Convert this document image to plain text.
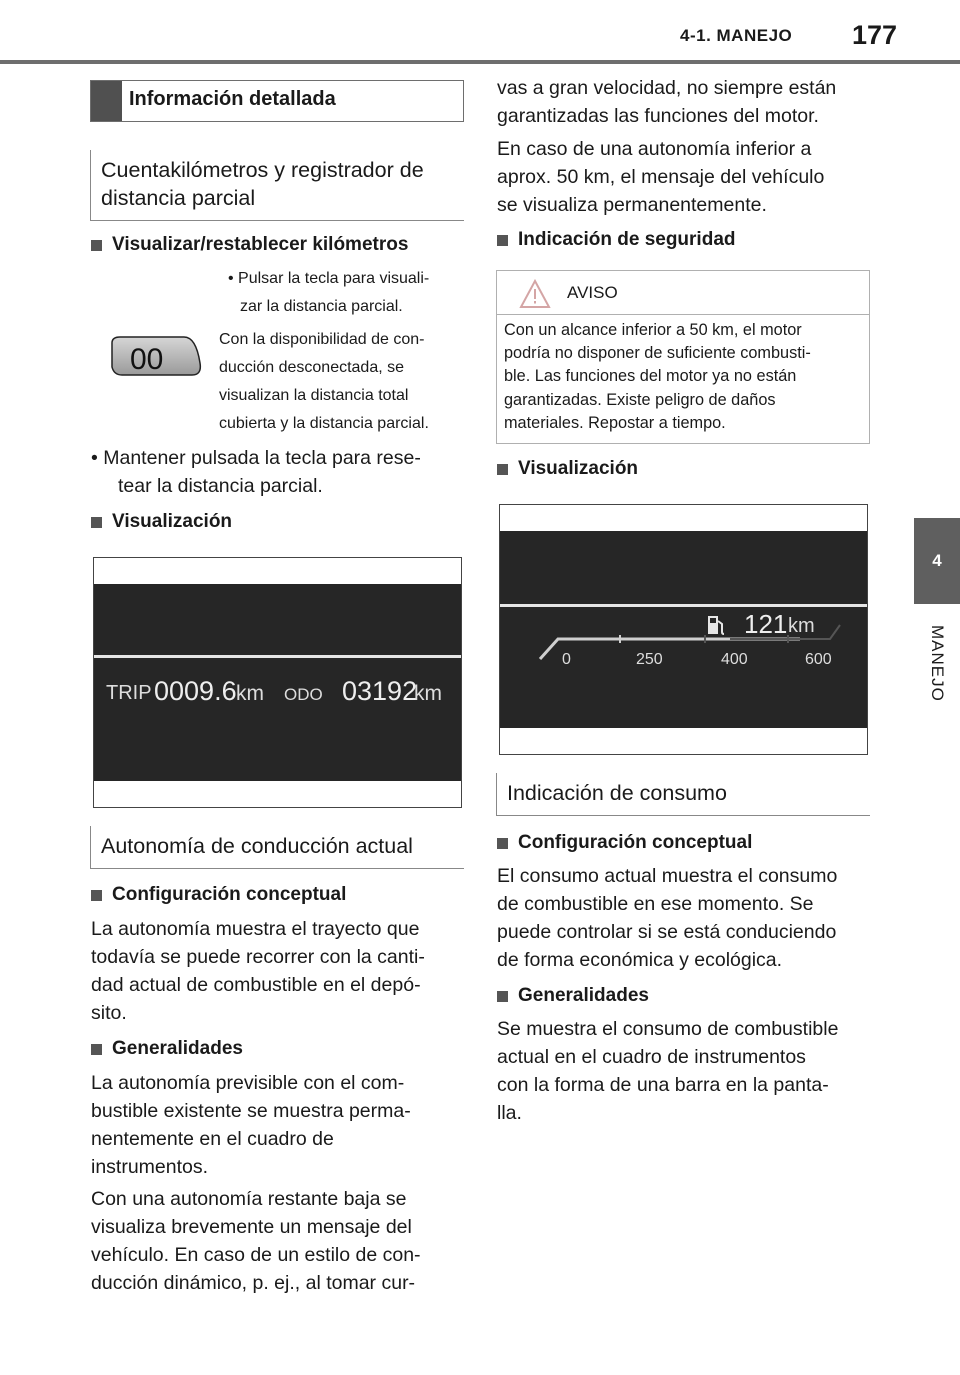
4-1. MANEJO 177
4
MANEJO
Información detallada
Cuentakilómetros y registrador de
distancia parcial
Visualizar/restablecer kilómetros
• Pulsar la tecla para visuali-
zar la distancia parcial.
00
Con la disponibilidad de con-
ducción desconectada, se
visualizan la distancia total
cubierta y la distancia parcial.
• Mantener pulsada la tecla para rese-
tear la distancia parcial.
Visualización
TRIP 0009.6 km ODO 03192
km
Autonomía de conducción actual
Configuración conceptual
La autonomía muestra el trayecto que
todavía se puede recorrer con la canti-
dad actual de combustible en el depó-
sito.
Generalidades
La autonomía previsible con el com-
bustible existente se muestra perma-
nentemente en el cuadro de
instrumentos.
Con una autonomía restante baja se
visualiza brevemente un mensaje del
vehículo. En caso de un estilo de con-
ducción dinámico, p. ej., al tomar cur-
vas a gran velocidad, no siempre están
garantizadas las funciones del motor.
En caso de una autonomía inferior a
aprox. 50 km, el mensaje del vehículo
se visualiza permanentemente.
Indicación de seguridad
AVISO
Con un alcance inferior a 50 km, el motor
podría no disponer de suficiente combusti-
ble. Las funciones del motor ya no están
garantizadas. Existe peligro de daños
materiales. Repostar a tiempo.
Visualización
121 km
0	250	400	600
Indicación de consumo
Configuración conceptual
El consumo actual muestra el consumo
de combustible en ese momento. Se
puede controlar si se está conduciendo
de forma económica y ecológica.
Generalidades
Se muestra el consumo de combustible
actual en el cuadro de instrumentos
con la forma de una barra en la panta-
lla.
